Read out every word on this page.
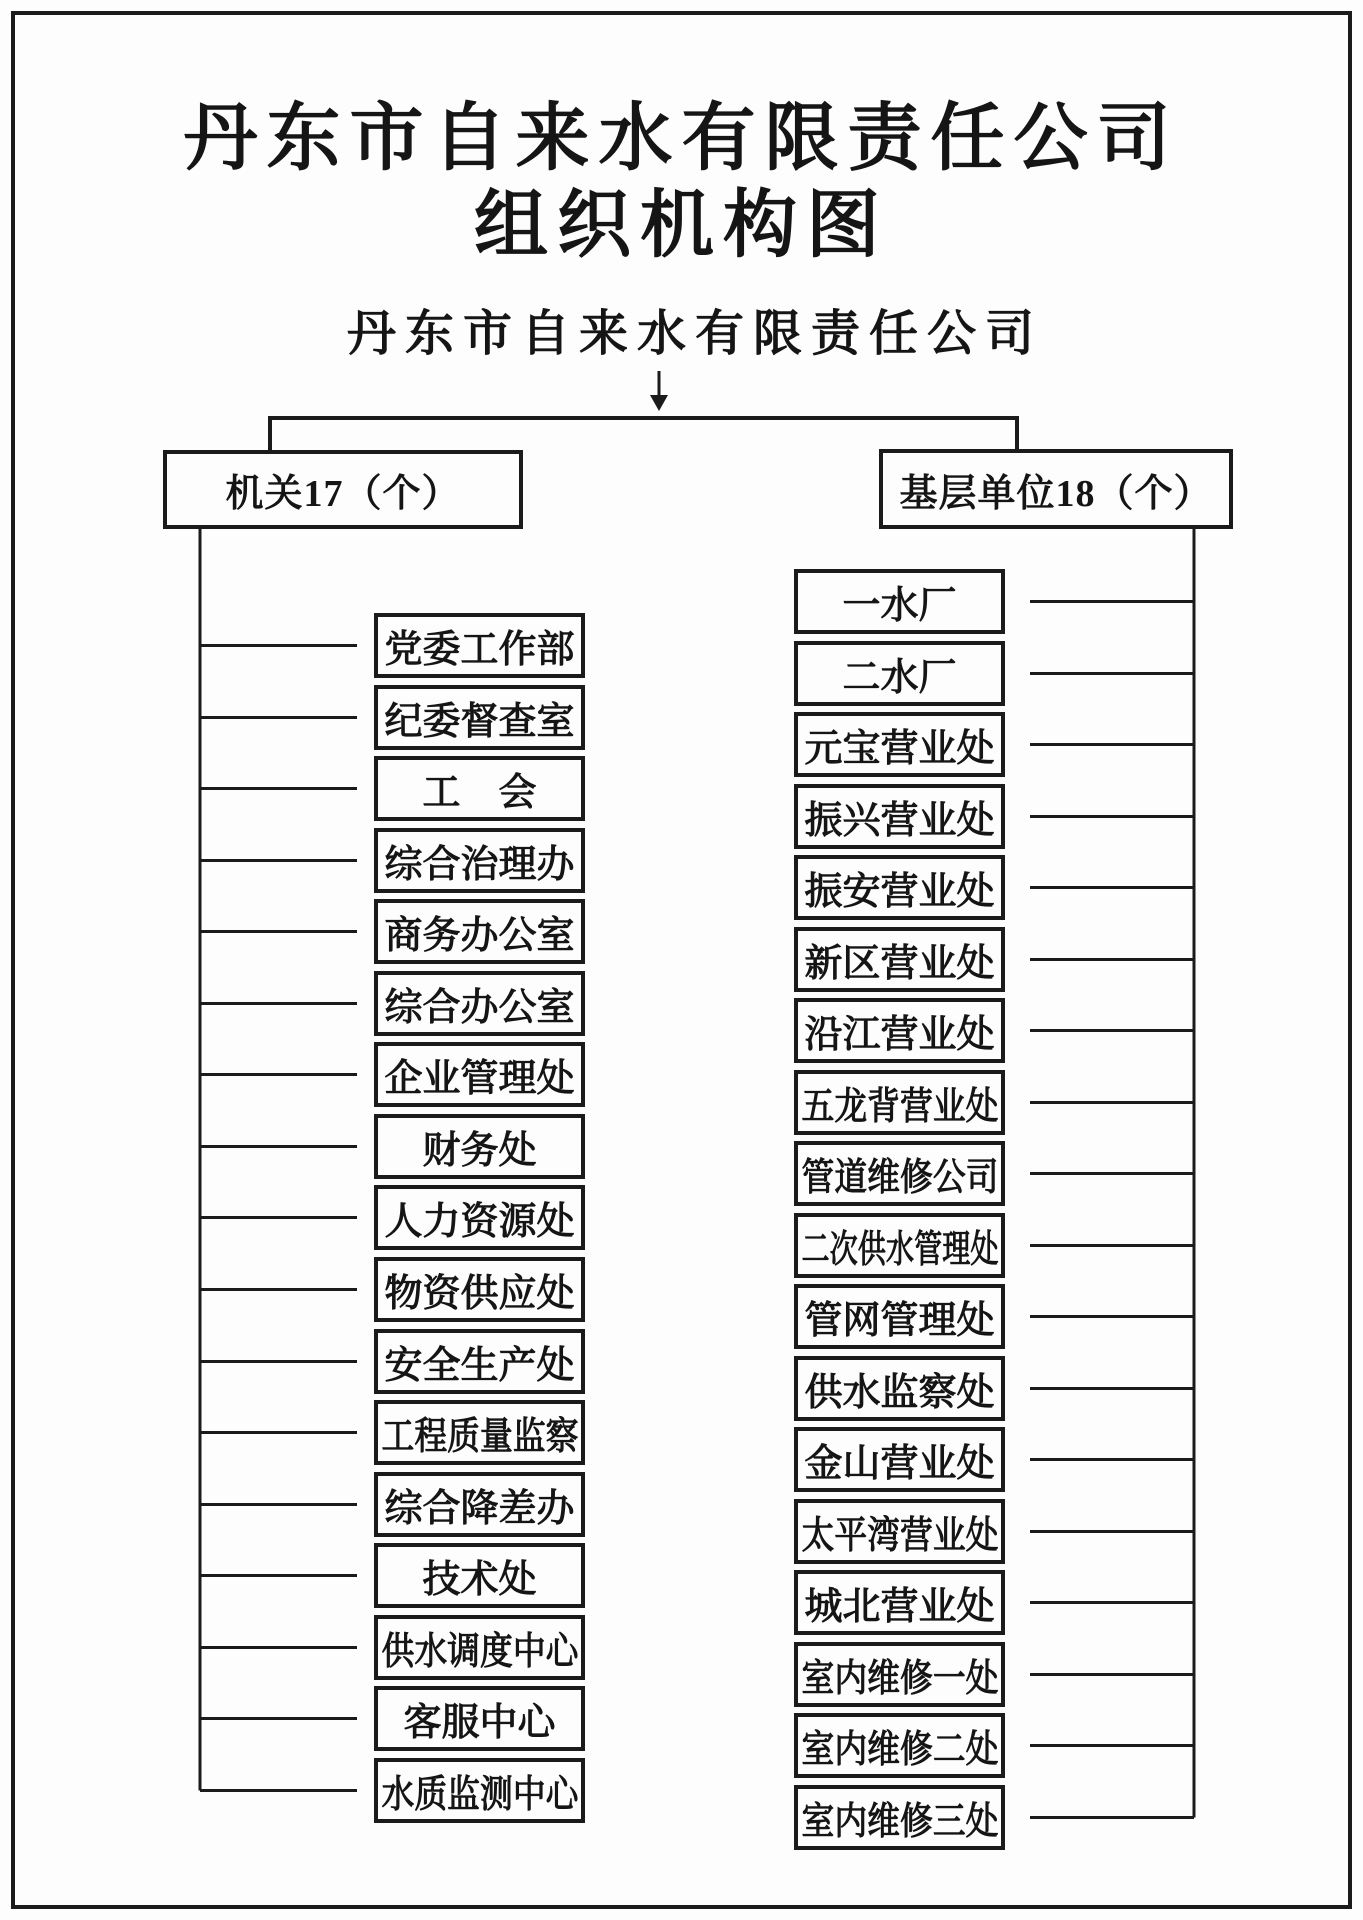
丹东市自来水有限责任公司
组织机构图
丹东市自来水有限责任公司
机关17（个）	基层单位18（个）
党委工作部
纪委督查室
工　会
综合治理办
商务办公室
综合办公室
企业管理处
财务处
人力资源处
物资供应处
安全生产处
工程质量监察
综合降差办
技术处
供水调度中心
客服中心
水质监测中心
一水厂
二水厂
元宝营业处
振兴营业处
振安营业处
新区营业处
沿江营业处
五龙背营业处
管道维修公司
二次供水管理处
管网管理处
供水监察处
金山营业处
太平湾营业处
城北营业处
室内维修一处
室内维修二处
室内维修三处
